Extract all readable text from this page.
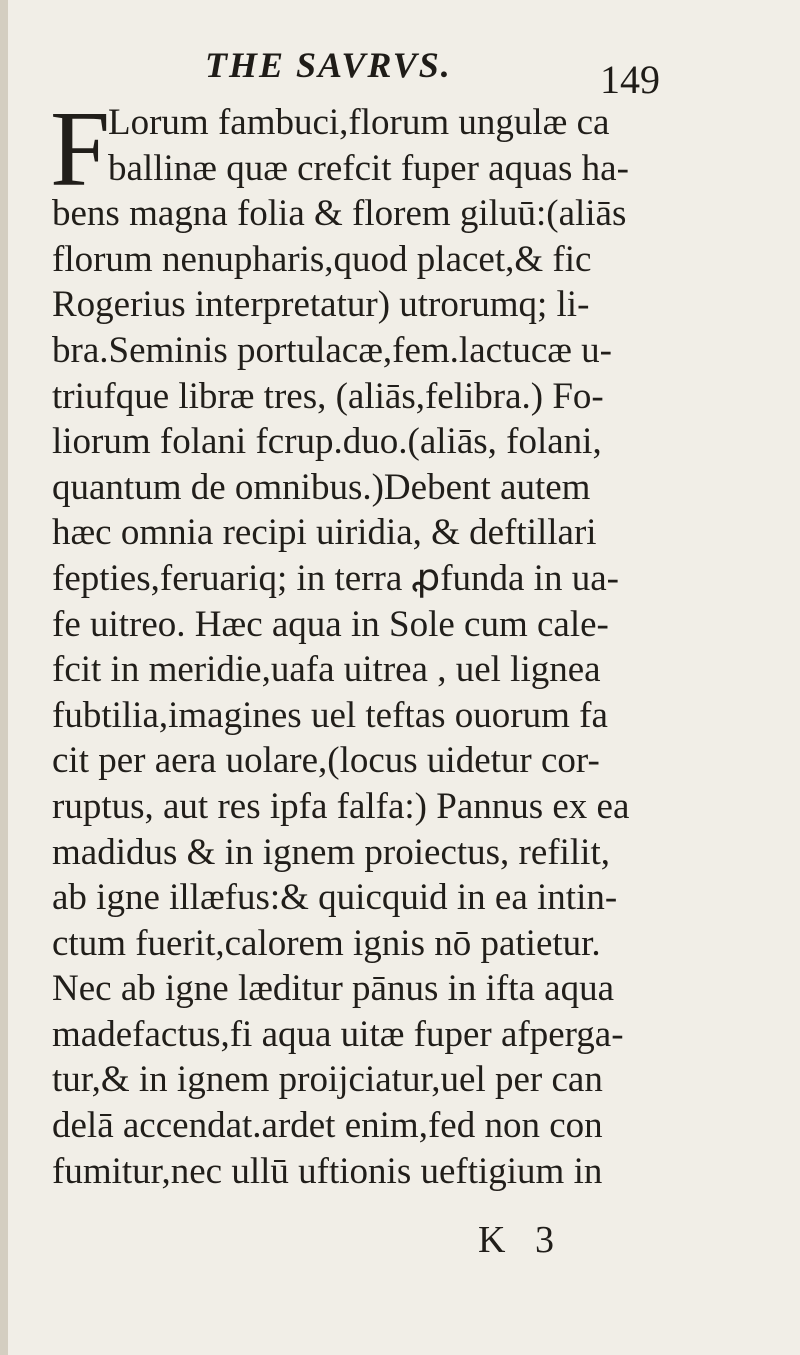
THE SAVRVS.	149
F
Lorum fambuci,florum ungulæ ca
ballinæ quæ crefcit fuper aquas ha-
bens magna folia & florem giluū:(aliās
florum nenupharis,quod placet,& fic
Rogerius interpretatur) utrorumq; li-
bra.Seminis portulacæ,fem.lactucæ u-
triufque libræ tres, (aliās,felibra.) Fo-
liorum folani fcrup.duo.(aliās, folani,
quantum de omnibus.)Debent autem
hæc omnia recipi uiridia, & deftillari
fepties,feruariq; in terra ꝓfunda in ua-
fe uitreo. Hæc aqua in Sole cum cale-
fcit in meridie,uafa uitrea , uel lignea
fubtilia,imagines uel teftas ouorum fa
cit per aera uolare,(locus uidetur cor-
ruptus, aut res ipfa falfa:) Pannus ex ea
madidus & in ignem proiectus, refilit,
ab igne illæfus:& quicquid in ea intin-
ctum fuerit,calorem ignis nō patietur.
Nec ab igne læditur pānus in ifta aqua
madefactus,fi aqua uitæ fuper afperga-
tur,& in ignem proijciatur,uel per can
delā accendat.ardet enim,fed non con
fumitur,nec ullū uftionis ueftigium in
K 3
